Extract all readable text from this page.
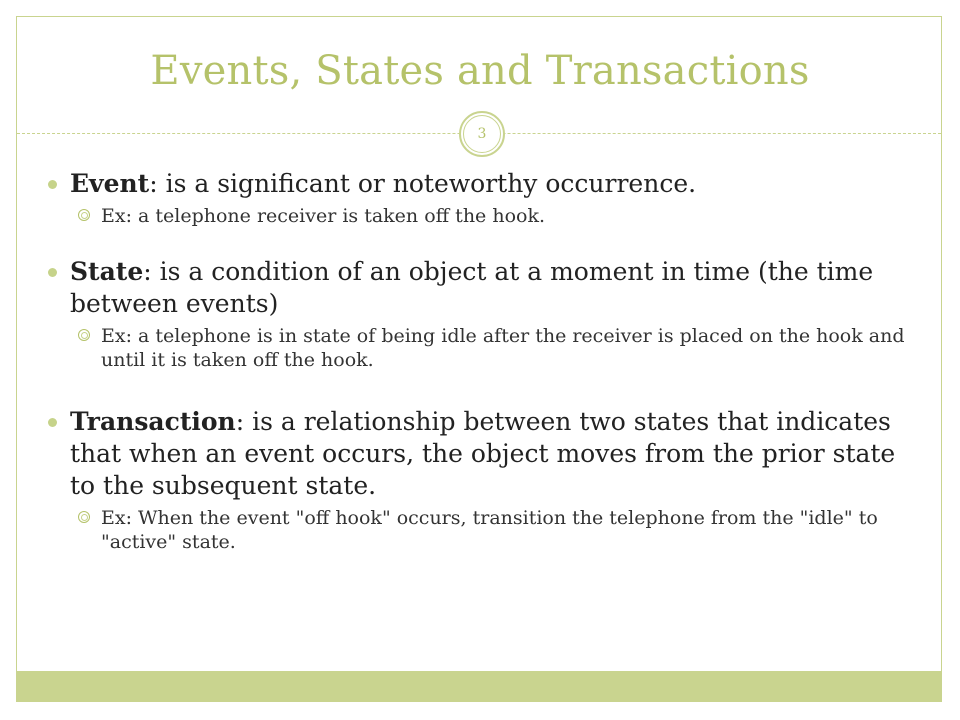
Events, States and Transactions
3
Event: is a significant or noteworthy occurrence.
Ex: a telephone receiver is taken off the hook.
State: is a condition of an object at a moment in time (the time between events)
Ex: a telephone is in state of being idle after the receiver is placed on the hook and until it is taken off the hook.
Transaction: is a relationship between two states that indicates that when an event occurs, the object moves from the prior state to the subsequent state.
Ex: When the event "off hook" occurs, transition the telephone from the "idle" to "active" state.
